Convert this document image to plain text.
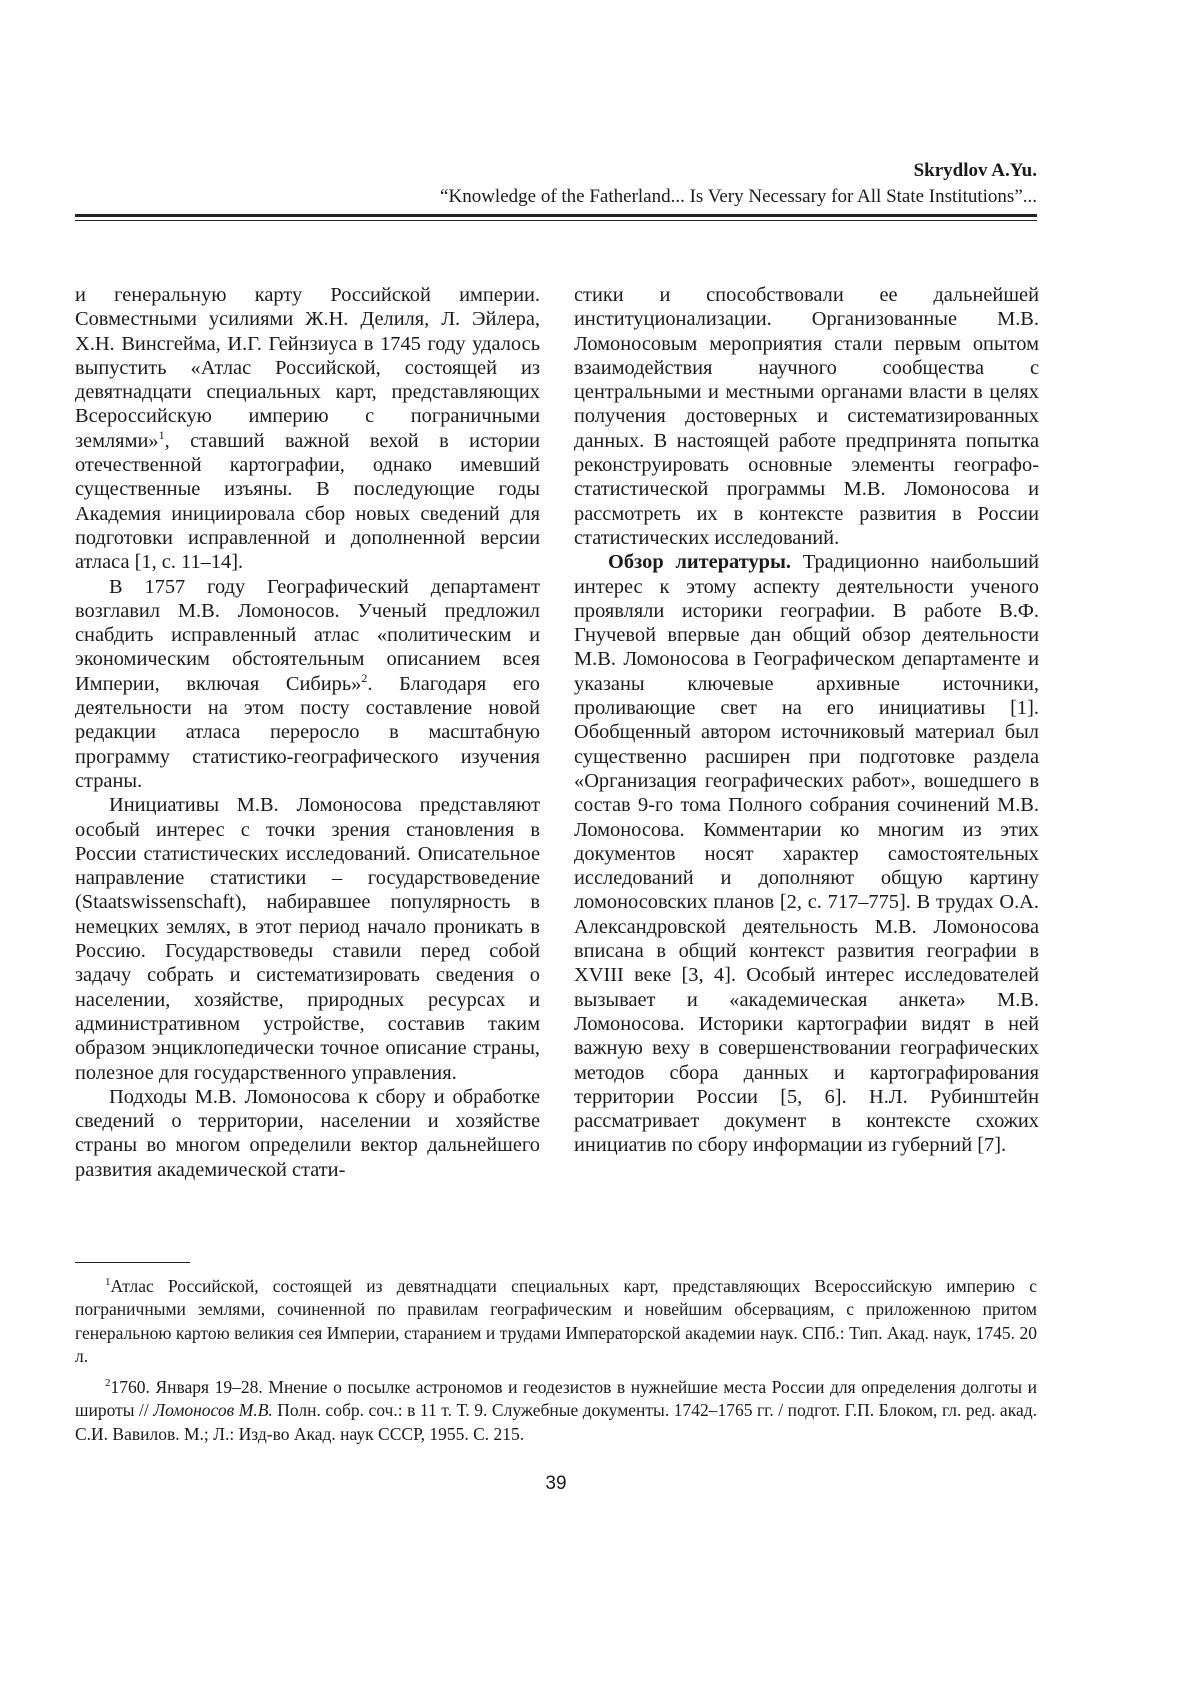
Skrydlov A.Yu.
“Knowledge of the Fatherland... Is Very Necessary for All State Institutions”...

и генеральную карту Российской империи. Совместными усилиями Ж.Н. Делиля, Л. Эйлера, Х.Н. Винсгейма, И.Г. Гейнзиуса в 1745 году удалось выпустить «Атлас Российской, состоящей из девятнадцати специальных карт, представляющих Всероссийскую империю с пограничными землями»$^1$, ставший важной вехой в истории отечественной картографии, однако имевший существенные изъяны. В последующие годы Академия инициировала сбор новых сведений для подготовки исправленной и дополненной версии атласа [1, с. 11–14].

В 1757 году Географический департамент возглавил М.В. Ломоносов. Ученый предложил снабдить исправленный атлас «политическим и экономическим обстоятельным описанием всея Империи, включая Сибирь»$^2$. Благодаря его деятельности на этом посту составление новой редакции атласа переросло в масштабную программу статистико-географического изучения страны.

Инициативы М.В. Ломоносова представляют особый интерес с точки зрения становления в России статистических исследований. Описательное направление статистики – государствоведение (Staatswissenschaft), набиравшее популярность в немецких землях, в этот период начало проникать в Россию. Государствоведы ставили перед собой задачу собрать и систематизировать сведения о населении, хозяйстве, природных ресурсах и административном устройстве, составив таким образом энциклопедически точное описание страны, полезное для государственного управления.

Подходы М.В. Ломоносова к сбору и обработке сведений о территории, населении и хозяйстве страны во многом определили вектор дальнейшего развития академической стати-

стики и способствовали ее дальнейшей институционализации. Организованные М.В. Ломоносовым мероприятия стали первым опытом взаимодействия научного сообщества с центральными и местными органами власти в целях получения достоверных и систематизированных данных. В настоящей работе предпринята попытка реконструировать основные элементы географо-статистической программы М.В. Ломоносова и рассмотреть их в контексте развития в России статистических исследований.

Обзор литературы. Традиционно наибольший интерес к этому аспекту деятельности ученого проявляли историки географии. В работе В.Ф. Гнучевой впервые дан общий обзор деятельности М.В. Ломоносова в Географическом департаменте и указаны ключевые архивные источники, проливающие свет на его инициативы [1]. Обобщенный автором источниковый материал был существенно расширен при подготовке раздела «Организация географических работ», вошедшего в состав 9-го тома Полного собрания сочинений М.В. Ломоносова. Комментарии ко многим из этих документов носят характер самостоятельных исследований и дополняют общую картину ломоносовских планов [2, с. 717–775]. В трудах О.А. Александровской деятельность М.В. Ломоносова вписана в общий контекст развития географии в XVIII веке [3, 4]. Особый интерес исследователей вызывает и «академическая анкета» М.В. Ломоносова. Историки картографии видят в ней важную веху в совершенствовании географических методов сбора данных и картографирования территории России [5, 6]. Н.Л. Рубинштейн рассматривает документ в контексте схожих инициатив по сбору информации из губерний [7].

$^1$Атлас Российской, состоящей из девятнадцати специальных карт, представляющих Всероссийскую империю с пограничными землями, сочиненной по правилам географическим и новейшим обсервациям, с приложенною притом генеральною картою великия сея Империи, старанием и трудами Императорской академии наук. СПб.: Тип. Акад. наук, 1745. 20 л.

$^2$1760. Января 19–28. Мнение о посылке астрономов и геодезистов в нужнейшие места России для определения долготы и широты // Ломоносов М.В. Полн. собр. соч.: в 11 т. Т. 9. Служебные документы. 1742–1765 гг. / подгот. Г.П. Блоком, гл. ред. акад. С.И. Вавилов. М.; Л.: Изд-во Акад. наук СССР, 1955. С. 215.

39
